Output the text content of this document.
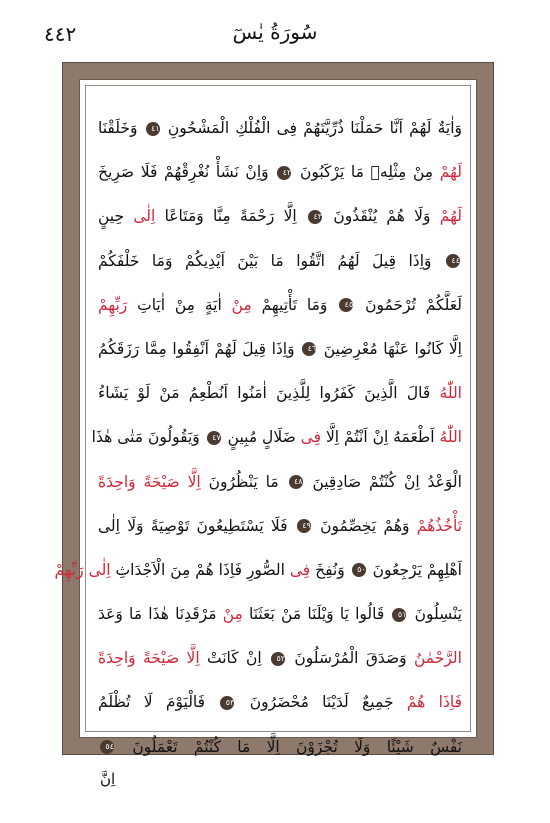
٤٤٢	سُورَةُ يٰسٓ
وَاٰيَةٌ لَهُمْ اَنَّا حَمَلْنَا ذُرِّيَّتَهُمْ فِى الْفُلْكِ الْمَشْحُونِ ٤١ وَخَلَقْنَا
لَهُمْ مِنْ مِثْلِهٖ مَا يَرْكَبُونَ ٤٢ وَاِنْ نَشَأْ نُغْرِقْهُمْ فَلَا صَرِيخَ
لَهُمْ وَلَا هُمْ يُنْقَذُونَ ٤٣ اِلَّا رَحْمَةً مِنَّا وَمَتَاعًا اِلٰى حِينٍ
٤٤ وَاِذَا قِيلَ لَهُمُ اتَّقُوا مَا بَيْنَ اَيْدِيكُمْ وَمَا خَلْفَكُمْ
لَعَلَّكُمْ تُرْحَمُونَ ٤٥ وَمَا تَأْتِيهِمْ مِنْ اٰيَةٍ مِنْ اٰيَاتِ رَبِّهِمْ
اِلَّا كَانُوا عَنْهَا مُعْرِضِينَ ٤٦ وَاِذَا قِيلَ لَهُمْ اَنْفِقُوا مِمَّا رَزَقَكُمُ
اللّٰهُ قَالَ الَّذِينَ كَفَرُوا لِلَّذِينَ اٰمَنُوا اَنُطْعِمُ مَنْ لَوْ يَشَاءُ
اللّٰهُ اَطْعَمَهُ اِنْ اَنْتُمْ اِلَّا فِى ضَلَالٍ مُبِينٍ ٤٧ وَيَقُولُونَ مَتٰى هٰذَا
الْوَعْدُ اِنْ كُنْتُمْ صَادِقِينَ ٤٨ مَا يَنْظُرُونَ اِلَّا صَيْحَةً وَاحِدَةً
تَأْخُذُهُمْ وَهُمْ يَخِصِّمُونَ ٤٩ فَلَا يَسْتَطِيعُونَ تَوْصِيَةً وَلَا اِلٰى
اَهْلِهِمْ يَرْجِعُونَ ٥٠ وَنُفِخَ فِى الصُّورِ فَاِذَا هُمْ مِنَ الْاَجْدَاثِ اِلٰى رَبِّهِمْ
يَنْسِلُونَ ٥١ قَالُوا يَا وَيْلَنَا مَنْ بَعَثَنَا مِنْ مَرْقَدِنَا هٰذَا مَا وَعَدَ
الرَّحْمٰنُ وَصَدَقَ الْمُرْسَلُونَ ٥٢ اِنْ كَانَتْ اِلَّا صَيْحَةً وَاحِدَةً
فَاِذَا هُمْ جَمِيعٌ لَدَيْنَا مُحْضَرُونَ ٥٣ فَالْيَوْمَ لَا تُظْلَمُ
نَفْسٌ شَيْئًا وَلَا تُجْزَوْنَ اِلَّا مَا كُنْتُمْ تَعْمَلُونَ ٥٤
اِنَّ
